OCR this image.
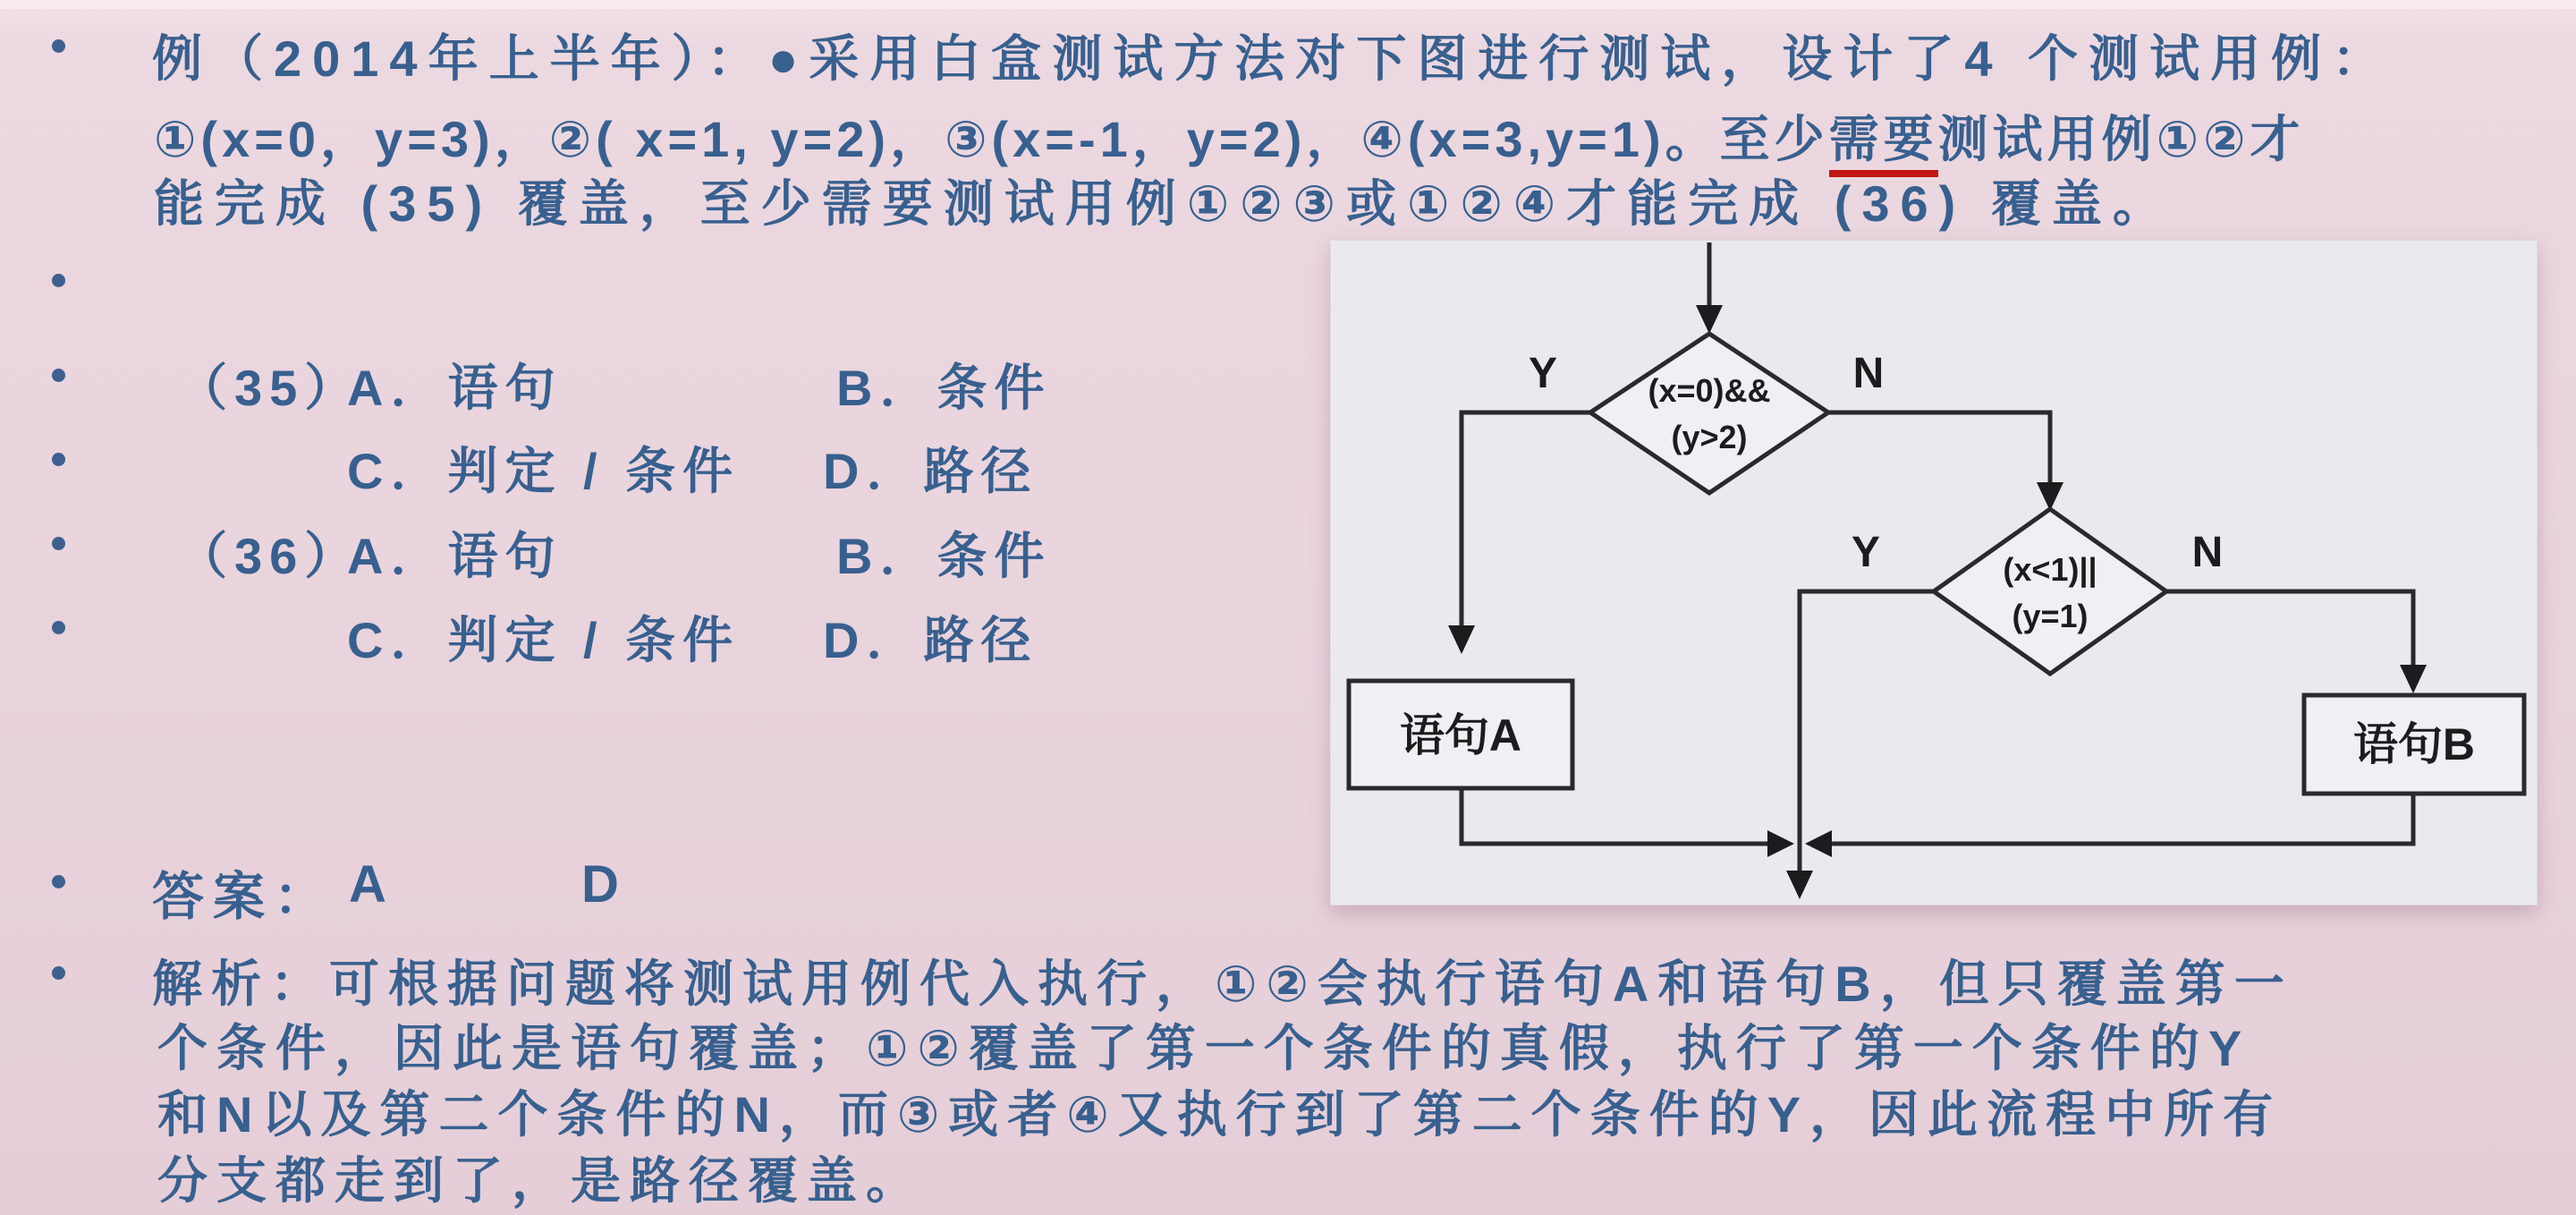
例（2014年上半年）：●采用白盒测试方法对下图进行测试，设计了4 个测试用例：
①(x=0，y=3)，②( x=1, y=2)，③(x=-1，y=2)，④(x=3,y=1)。至少需要测试用例①②才
能完成 (35) 覆盖，至少需要测试用例①②③或①②④才能完成 (36) 覆盖。
（35）
A．语句	B．条件
C．判定 / 条件 D．路径
（36）
A．语句	B．条件
C．判定 / 条件 D．路径
答案： A	D
解析：可根据问题将测试用例代入执行，①②会执行语句A和语句B，但只覆盖第一
个条件，因此是语句覆盖；①②覆盖了第一个条件的真假，执行了第一个条件的Y
和N以及第二个条件的N，而③或者④又执行到了第二个条件的Y，因此流程中所有
分支都走到了，是路径覆盖。
(x=0)&&
(y>2)
Y	N
语句A
(x<1)||
(y=1)
Y	N
语句B
